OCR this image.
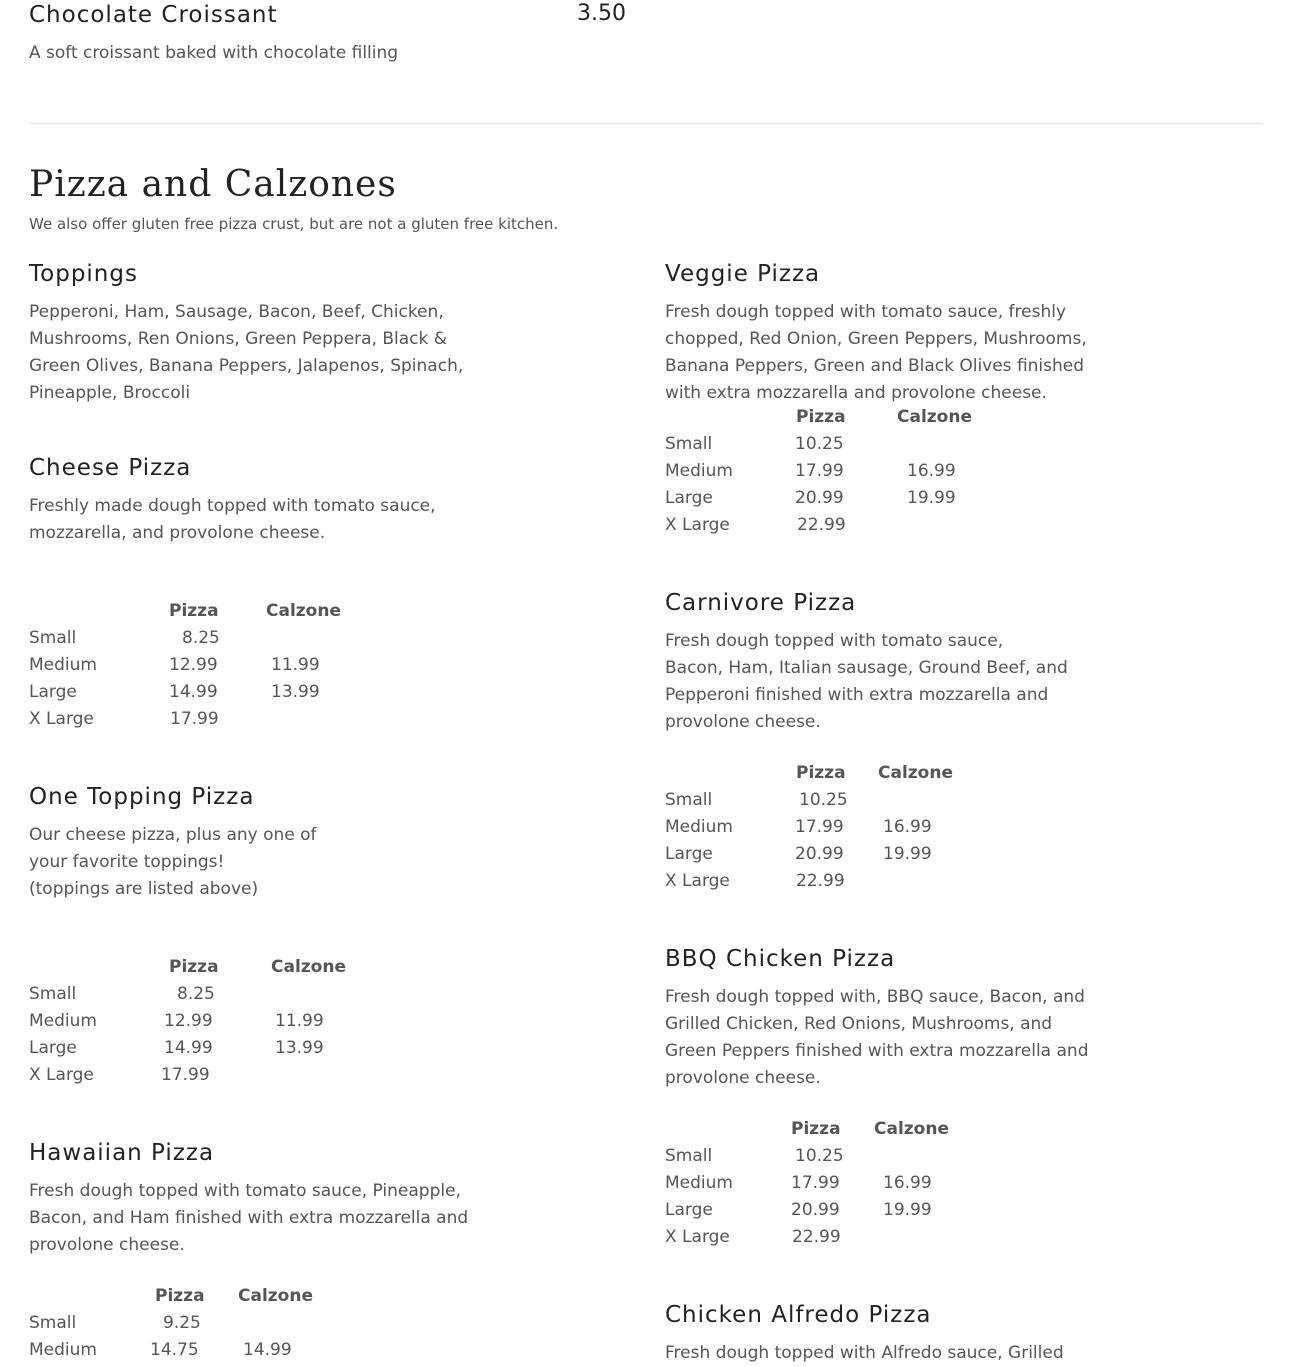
Chocolate Croissant	3.50
A soft croissant baked with chocolate filling
Pizza and Calzones
We also offer gluten free pizza crust, but are not a gluten free kitchen.
Toppings
Pepperoni, Ham, Sausage, Bacon, Beef, Chicken,
Mushrooms, Ren Onions, Green Peppera, Black &
Green Olives, Banana Peppers, Jalapenos, Spinach,
Pineapple, Broccoli
Cheese Pizza
Freshly made dough topped with tomato sauce,
mozzarella, and provolone cheese.
Pizza	Calzone
Small	8.25
Medium	12.99	11.99
Large	14.99	13.99
X Large	17.99
One Topping Pizza
Our cheese pizza, plus any one of
your favorite toppings!
(toppings are listed above)
Pizza	Calzone
Small	8.25
Medium	12.99	11.99
Large	14.99	13.99
X Large	17.99
Hawaiian Pizza
Fresh dough topped with tomato sauce, Pineapple,
Bacon, and Ham finished with extra mozzarella and
provolone cheese.
Pizza Calzone
Small	9.25
Medium	14.75	14.99
Veggie Pizza
Fresh dough topped with tomato sauce, freshly
chopped, Red Onion, Green Peppers, Mushrooms,
Banana Peppers, Green and Black Olives finished
with extra mozzarella and provolone cheese.
Pizza	Calzone
Small	10.25
Medium	17.99	16.99
Large	20.99	19.99
X Large	22.99
Carnivore Pizza
Fresh dough topped with tomato sauce,
Bacon, Ham, Italian sausage, Ground Beef, and
Pepperoni finished with extra mozzarella and
provolone cheese.
Pizza Calzone
Small	10.25
Medium	17.99 16.99
Large	20.99 19.99
X Large	22.99
BBQ Chicken Pizza
Fresh dough topped with, BBQ sauce, Bacon, and
Grilled Chicken, Red Onions, Mushrooms, and
Green Peppers finished with extra mozzarella and
provolone cheese.
Pizza Calzone
Small	10.25
Medium	17.99	16.99
Large	20.99	19.99
X Large	22.99
Chicken Alfredo Pizza
Fresh dough topped with Alfredo sauce, Grilled
